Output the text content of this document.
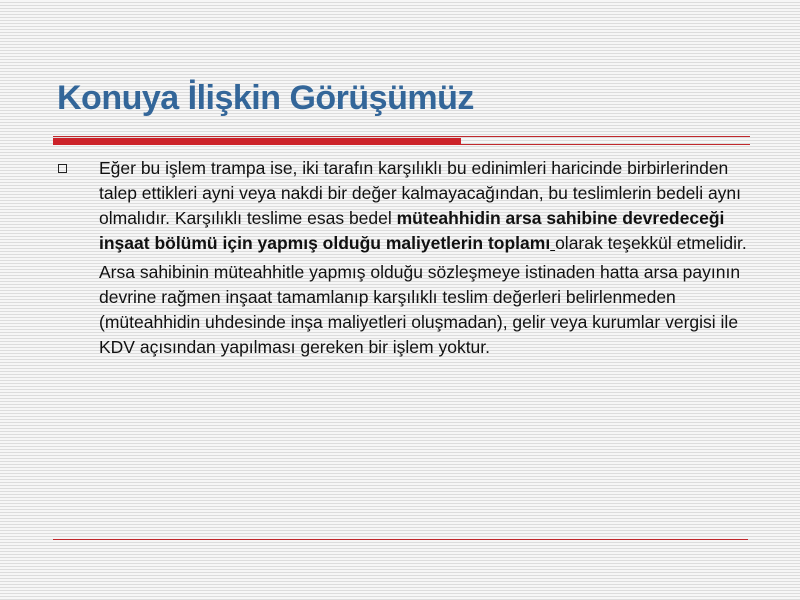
Konuya İlişkin Görüşümüz

Eğer bu işlem trampa ise, iki tarafın karşılıklı bu edinimleri haricinde birbirlerinden talep ettikleri ayni veya nakdi bir değer kalmayacağından, bu teslimlerin bedeli aynı olmalıdır. Karşılıklı teslime esas bedel müteahhidin arsa sahibine devredeceği inşaat bölümü için yapmış olduğu maliyetlerin toplamı olarak teşekkül etmelidir.

Arsa sahibinin müteahhitle yapmış olduğu sözleşmeye istinaden hatta arsa payının devrine rağmen inşaat tamamlanıp karşılıklı teslim değerleri belirlenmeden (müteahhidin uhdesinde inşa maliyetleri oluşmadan), gelir veya kurumlar vergisi ile KDV açısından yapılması gereken bir işlem yoktur.
